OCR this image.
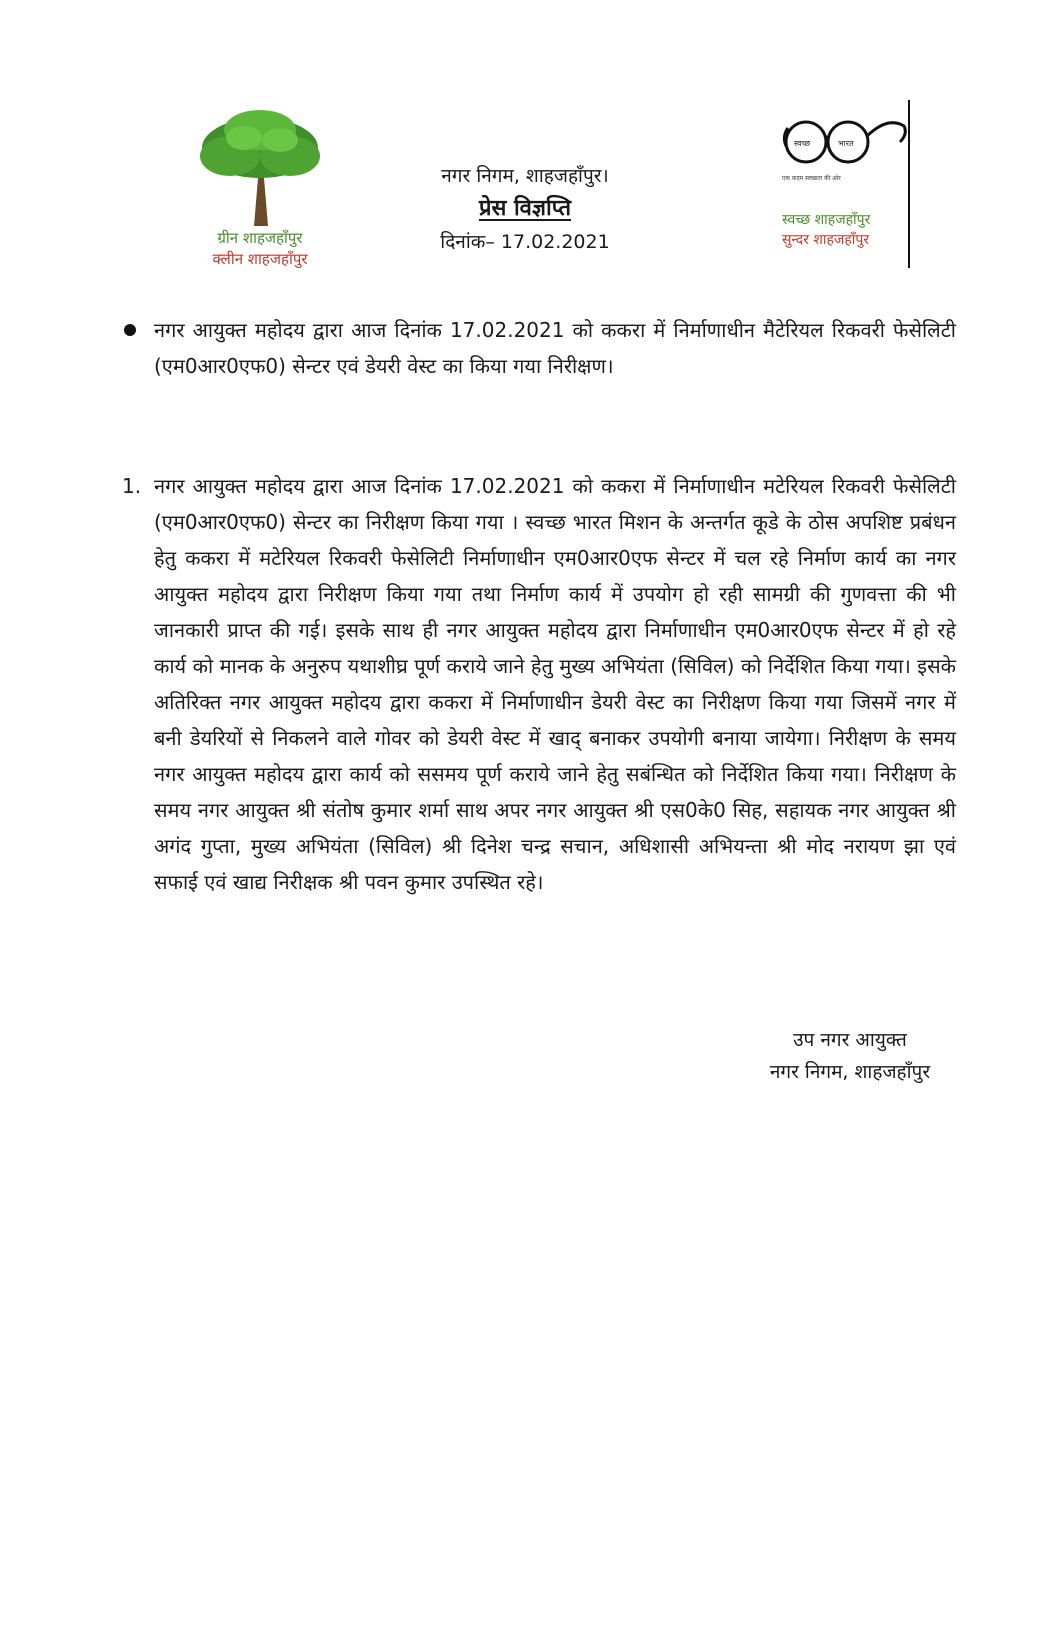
ग्रीन शाहजहाँपुर
क्लीन शाहजहाँपुर

नगर निगम, शाहजहाँपुर।

प्रेस विज्ञप्ति

दिनांक– 17.02.2021

स्वच्छ	भारत
एक कदम स्वच्छता की ओर
स्वच्छ शाहजहाँपुर
सुन्दर शाहजहाँपुर
नगर आयुक्त महोदय द्वारा आज दिनांक 17.02.2021 को ककरा में निर्माणाधीन मैटेरियल रिकवरी फेसेलिटी (एम0आर0एफ0) सेन्टर एवं डेयरी वेस्ट का किया गया निरीक्षण।
1. नगर आयुक्त महोदय द्वारा आज दिनांक 17.02.2021 को ककरा में निर्माणाधीन मटेरियल रिकवरी फेसेलिटी (एम0आर0एफ0) सेन्टर का निरीक्षण किया गया । स्वच्छ भारत मिशन के अन्तर्गत कूडे के ठोस अपशिष्ट प्रबंधन हेतु ककरा में मटेरियल रिकवरी फेसेलिटी निर्माणाधीन एम0आर0एफ सेन्टर में चल रहे निर्माण कार्य का नगर आयुक्त महोदय द्वारा निरीक्षण किया गया तथा निर्माण कार्य में उपयोग हो रही सामग्री की गुणवत्ता की भी जानकारी प्राप्त की गई। इसके साथ ही नगर आयुक्त महोदय द्वारा निर्माणाधीन एम0आर0एफ सेन्टर में हो रहे कार्य को मानक के अनुरुप यथाशीघ्र पूर्ण कराये जाने हेतु मुख्य अभियंता (सिविल) को निर्देशित किया गया। इसके अतिरिक्त नगर आयुक्त महोदय द्वारा ककरा में निर्माणाधीन डेयरी वेस्ट का निरीक्षण किया गया जिसमें नगर में बनी डेयरियों से निकलने वाले गोवर को डेयरी वेस्ट में खाद् बनाकर उपयोगी बनाया जायेगा। निरीक्षण के समय नगर आयुक्त महोदय द्वारा कार्य को ससमय पूर्ण कराये जाने हेतु सबंन्धित को निर्देशित किया गया। निरीक्षण के समय नगर आयुक्त श्री संतोष कुमार शर्मा साथ अपर नगर आयुक्त श्री एस0के0 सिह, सहायक नगर आयुक्त श्री अगंद गुप्ता, मुख्य अभियंता (सिविल) श्री दिनेश चन्द्र सचान, अधिशासी अभियन्ता श्री मोद नरायण झा एवं सफाई एवं खाद्य निरीक्षक श्री पवन कुमार उपस्थित रहे।
उप नगर आयुक्त
नगर निगम, शाहजहाँपुर
